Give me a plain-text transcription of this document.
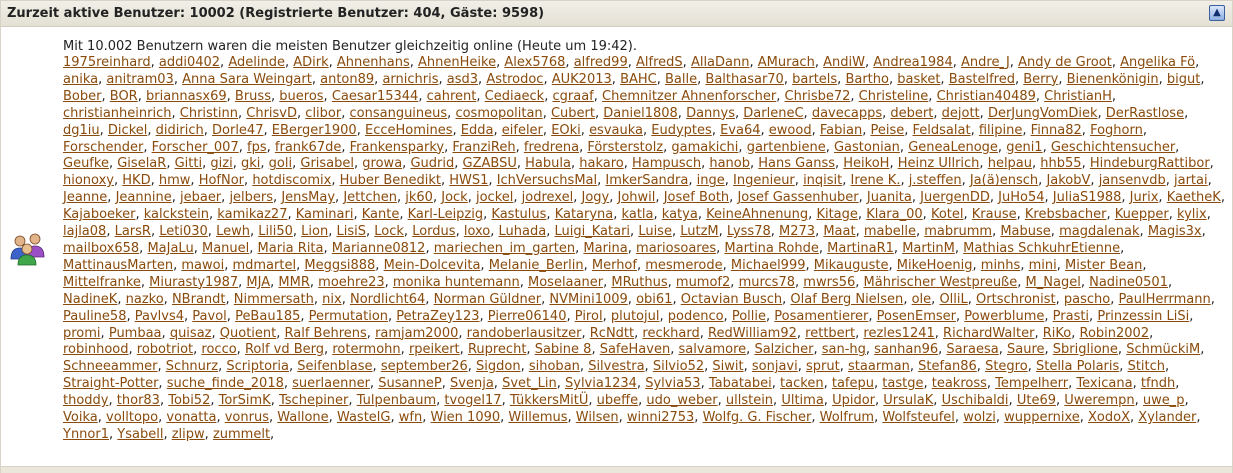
Zurzeit aktive Benutzer: 10002 (Registrierte Benutzer: 404, Gäste: 9598)	▲
Mit 10.002 Benutzern waren die meisten Benutzer gleichzeitig online (Heute um 19:42).
1975reinhard, addi0402, Adelinde, ADirk, Ahnenhans, AhnenHeike, Alex5768, alfred99, AlfredS, AllaDann, AMurach, AndiW, Andrea1984, Andre_J, Andy de Groot, Angelika Fö, anika, anitram03, Anna Sara Weingart, anton89, arnichris, asd3, Astrodoc, AUK2013, BAHC, Balle, Balthasar70, bartels, Bartho, basket, Bastelfred, Berry, Bienenkönigin, bigut, Bober, BOR, briannasx69, Bruss, bueros, Caesar15344, cahrent, Cediaeck, cgraaf, Chemnitzer Ahnenforscher, Chrisbe72, Christeline, Christian40489, ChristianH, christianheinrich, Christinn, ChrisvD, clibor, consanguineus, cosmopolitan, Cubert, Daniel1808, Dannys, DarleneC, davecapps, debert, dejott, DerJungVomDiek, DerRastlose, dg1iu, Dickel, didirich, Dorle47, EBerger1900, EcceHomines, Edda, eifeler, EOki, esvauka, Eudyptes, Eva64, ewood, Fabian, Peise, Feldsalat, filipine, Finna82, Foghorn, Forschender, Forscher_007, fps, frank67de, Frankensparky, FranziReh, fredrena, Försterstolz, gamakichi, gartenbiene, Gastonian, GeneaLenoge, geni1, Geschichtensucher, Geufke, GiselaR, Gitti, gizi, gki, goli, Grisabel, growa, Gudrid, GZABSU, Habula, hakaro, Hampusch, hanob, Hans Ganss, HeikoH, Heinz Ullrich, helpau, hhb55, HindeburgRattibor, hionoxy, HKD, hmw, HofNor, hotdiscomix, Huber Benedikt, HWS1, IchVersuchsMal, ImkerSandra, inge, Ingenieur, inqisit, Irene K., j.steffen, Ja(ä)ensch, JakobV, jansenvdb, jartai, Jeanne, Jeannine, jebaer, jelbers, JensMay, Jettchen, jk60, Jock, jockel, jodrexel, Jogy, Johwil, Josef Both, Josef Gassenhuber, Juanita, JuergenDD, JuHo54, JuliaS1988, Jurix, KaetheK, Kajaboeker, kalckstein, kamikaz27, Kaminari, Kante, Karl-Leipzig, Kastulus, Kataryna, katla, katya, KeineAhnenung, Kitage, Klara_00, Kotel, Krause, Krebsbacher, Kuepper, kylix, lajla08, LarsR, Leti030, Lewh, Lili50, Lion, LisiS, Lock, Lordus, loxo, Luhada, Luigi_Katari, Luise, LutzM, Lyss78, M273, Maat, mabelle, mabrumm, Mabuse, magdalenak, Magis3x, mailbox658, MaJaLu, Manuel, Maria Rita, Marianne0812, mariechen_im_garten, Marina, mariosoares, Martina Rohde, MartinaR1, MartinM, Mathias SchkuhrEtienne, MattinausMarten, mawoi, mdmartel, Meggsi888, Mein-Dolcevita, Melanie_Berlin, Merhof, mesmerode, Michael999, Mikauguste, MikeHoenig, minhs, mini, Mister Bean, Mittelfranke, Miurasty1987, MJA, MMR, moehre23, monika huntemann, Moselaaner, MRuthus, mumof2, murcs78, mwrs56, Mährischer Westpreuße, M_Nagel, Nadine0501, NadineK, nazko, NBrandt, Nimmersath, nix, Nordlicht64, Norman Güldner, NVMini1009, obi61, Octavian Busch, Olaf Berg Nielsen, ole, OlliL, Ortschronist, pascho, PaulHerrmann, Pauline58, Pavlvs4, Pavol, PeBau185, Permutation, PetraZey123, Pierre06140, Pirol, plutojul, podenco, Pollie, Posamentierer, PosenEmser, Powerblume, Prasti, Prinzessin LiSi, promi, Pumbaa, quisaz, Quotient, Ralf Behrens, ramjam2000, randoberlausitzer, RcNdtt, reckhard, RedWilliam92, rettbert, rezles1241, RichardWalter, RiKo, Robin2002, robinhood, robotriot, rocco, Rolf vd Berg, rotermohn, rpeikert, Ruprecht, Sabine 8, SafeHaven, salvamore, Salzicher, san-hg, sanhan96, Saraesa, Saure, Sbriglione, SchmückiM, Schneeammer, Schnurz, Scriptoria, Seifenblase, september26, Sigdon, sihoban, Silvestra, Silvio52, Siwit, sonjavi, sprut, staarman, Stefan86, Stegro, Stella Polaris, Stitch, Straight-Potter, suche_finde_2018, suerlaenner, SusanneP, Svenja, Svet_Lin, Sylvia1234, Sylvia53, Tabatabei, tacken, tafepu, tastge, teakross, Tempelherr, Texicana, tfndh, thoddy, thor83, Tobi52, TorSimK, Tschepiner, Tulpenbaum, tvogel17, TükkersMitÜ, ubeffe, udo_weber, ullstein, Ultima, Upidor, UrsulaK, Uschibaldi, Ute69, Uwerempn, uwe_p, Voika, volltopo, vonatta, vonrus, Wallone, WastelG, wfn, Wien 1090, Willemus, Wilsen, winni2753, Wolfg. G. Fischer, Wolfrum, Wolfsteufel, wolzi, wuppernixe, XodoX, Xylander, Ynnor1, Ysabell, zlipw, zummelt,
